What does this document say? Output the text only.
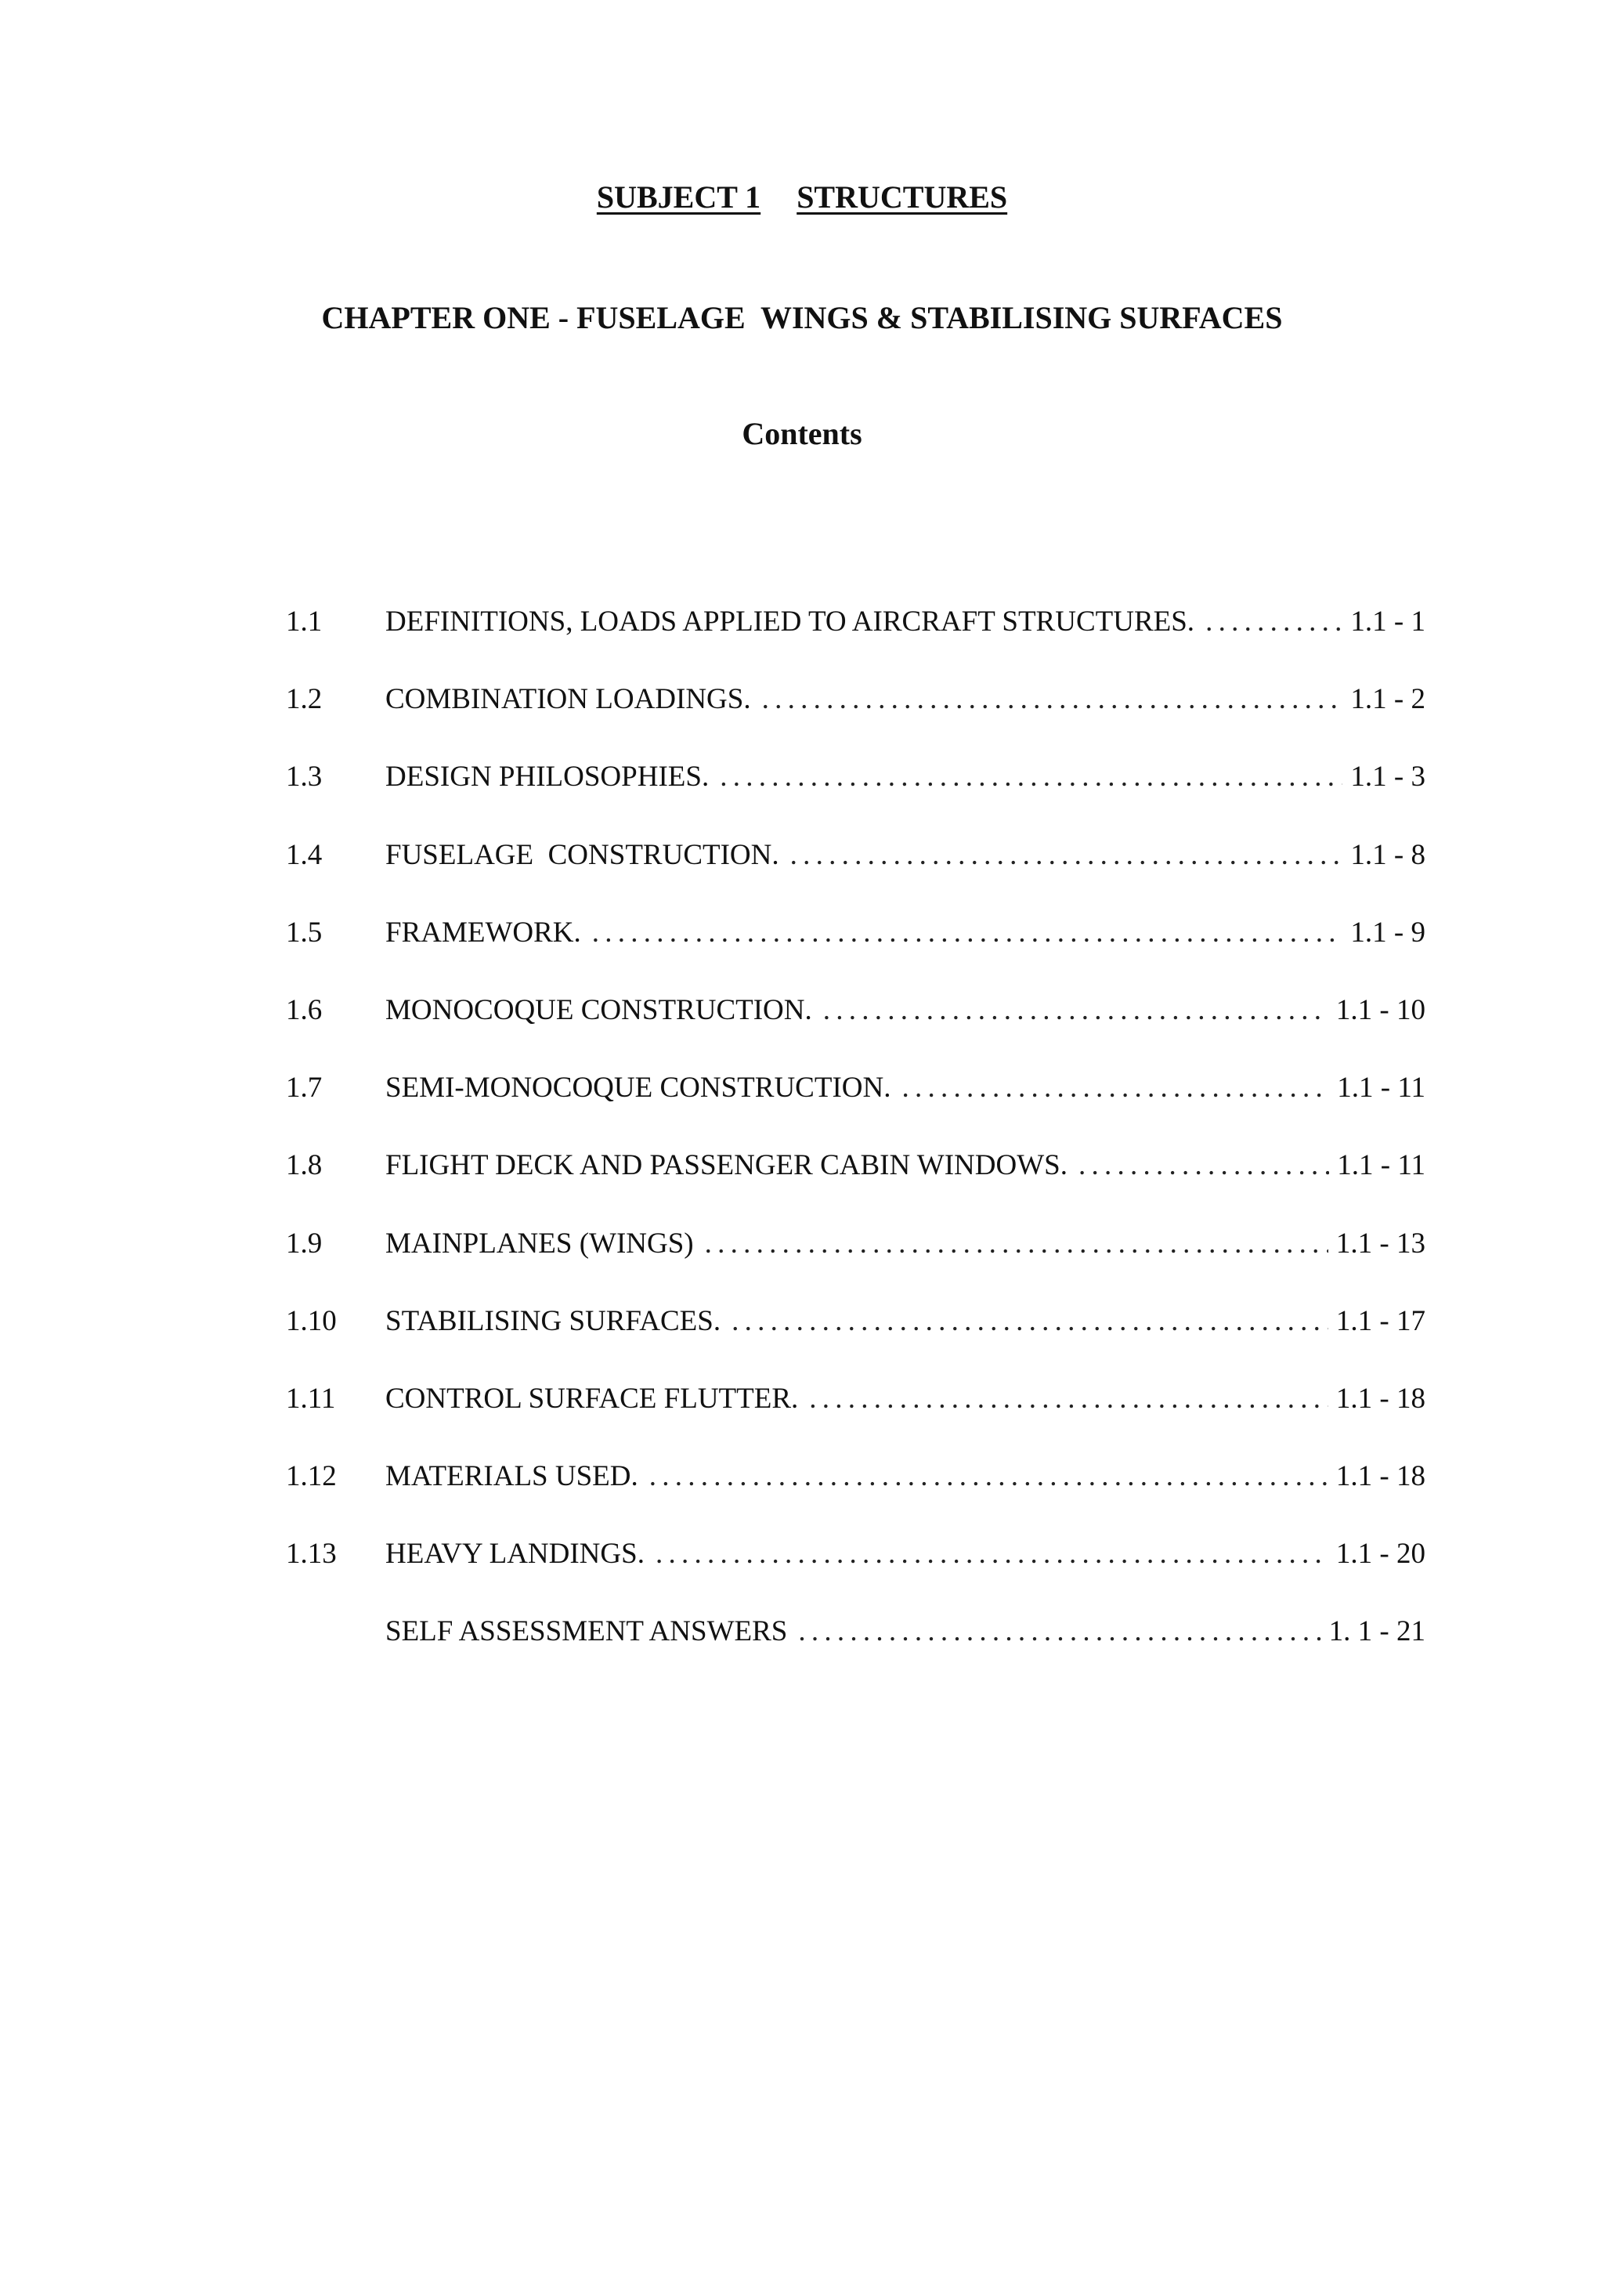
SUBJECT 1 STRUCTURES
CHAPTER ONE - FUSELAGE  WINGS & STABILISING SURFACES
Contents
1.1	DEFINITIONS, LOADS APPLIED TO AIRCRAFT STRUCTURES. . . .	1.1 - 1
1.2	COMBINATION LOADINGS. . . .	1.1 - 2
1.3	DESIGN PHILOSOPHIES. . . .	1.1 - 3
1.4	FUSELAGE  CONSTRUCTION. . . .	1.1 - 8
1.5	FRAMEWORK. . . .	1.1 - 9
1.6	MONOCOQUE CONSTRUCTION. . . .	1.1 - 10
1.7	SEMI-MONOCOQUE CONSTRUCTION. . . .	1.1 - 11
1.8	FLIGHT DECK AND PASSENGER CABIN WINDOWS. . . .	1.1 - 11
1.9	MAINPLANES (WINGS) . . .	1.1 - 13
1.10	STABILISING SURFACES. . . .	1.1 - 17
1.11	CONTROL SURFACE FLUTTER. . . .	1.1 - 18
1.12	MATERIALS USED. . . .	1.1 - 18
1.13	HEAVY LANDINGS. . . .	1.1 - 20
SELF ASSESSMENT ANSWERS . . .	1. 1 - 21
